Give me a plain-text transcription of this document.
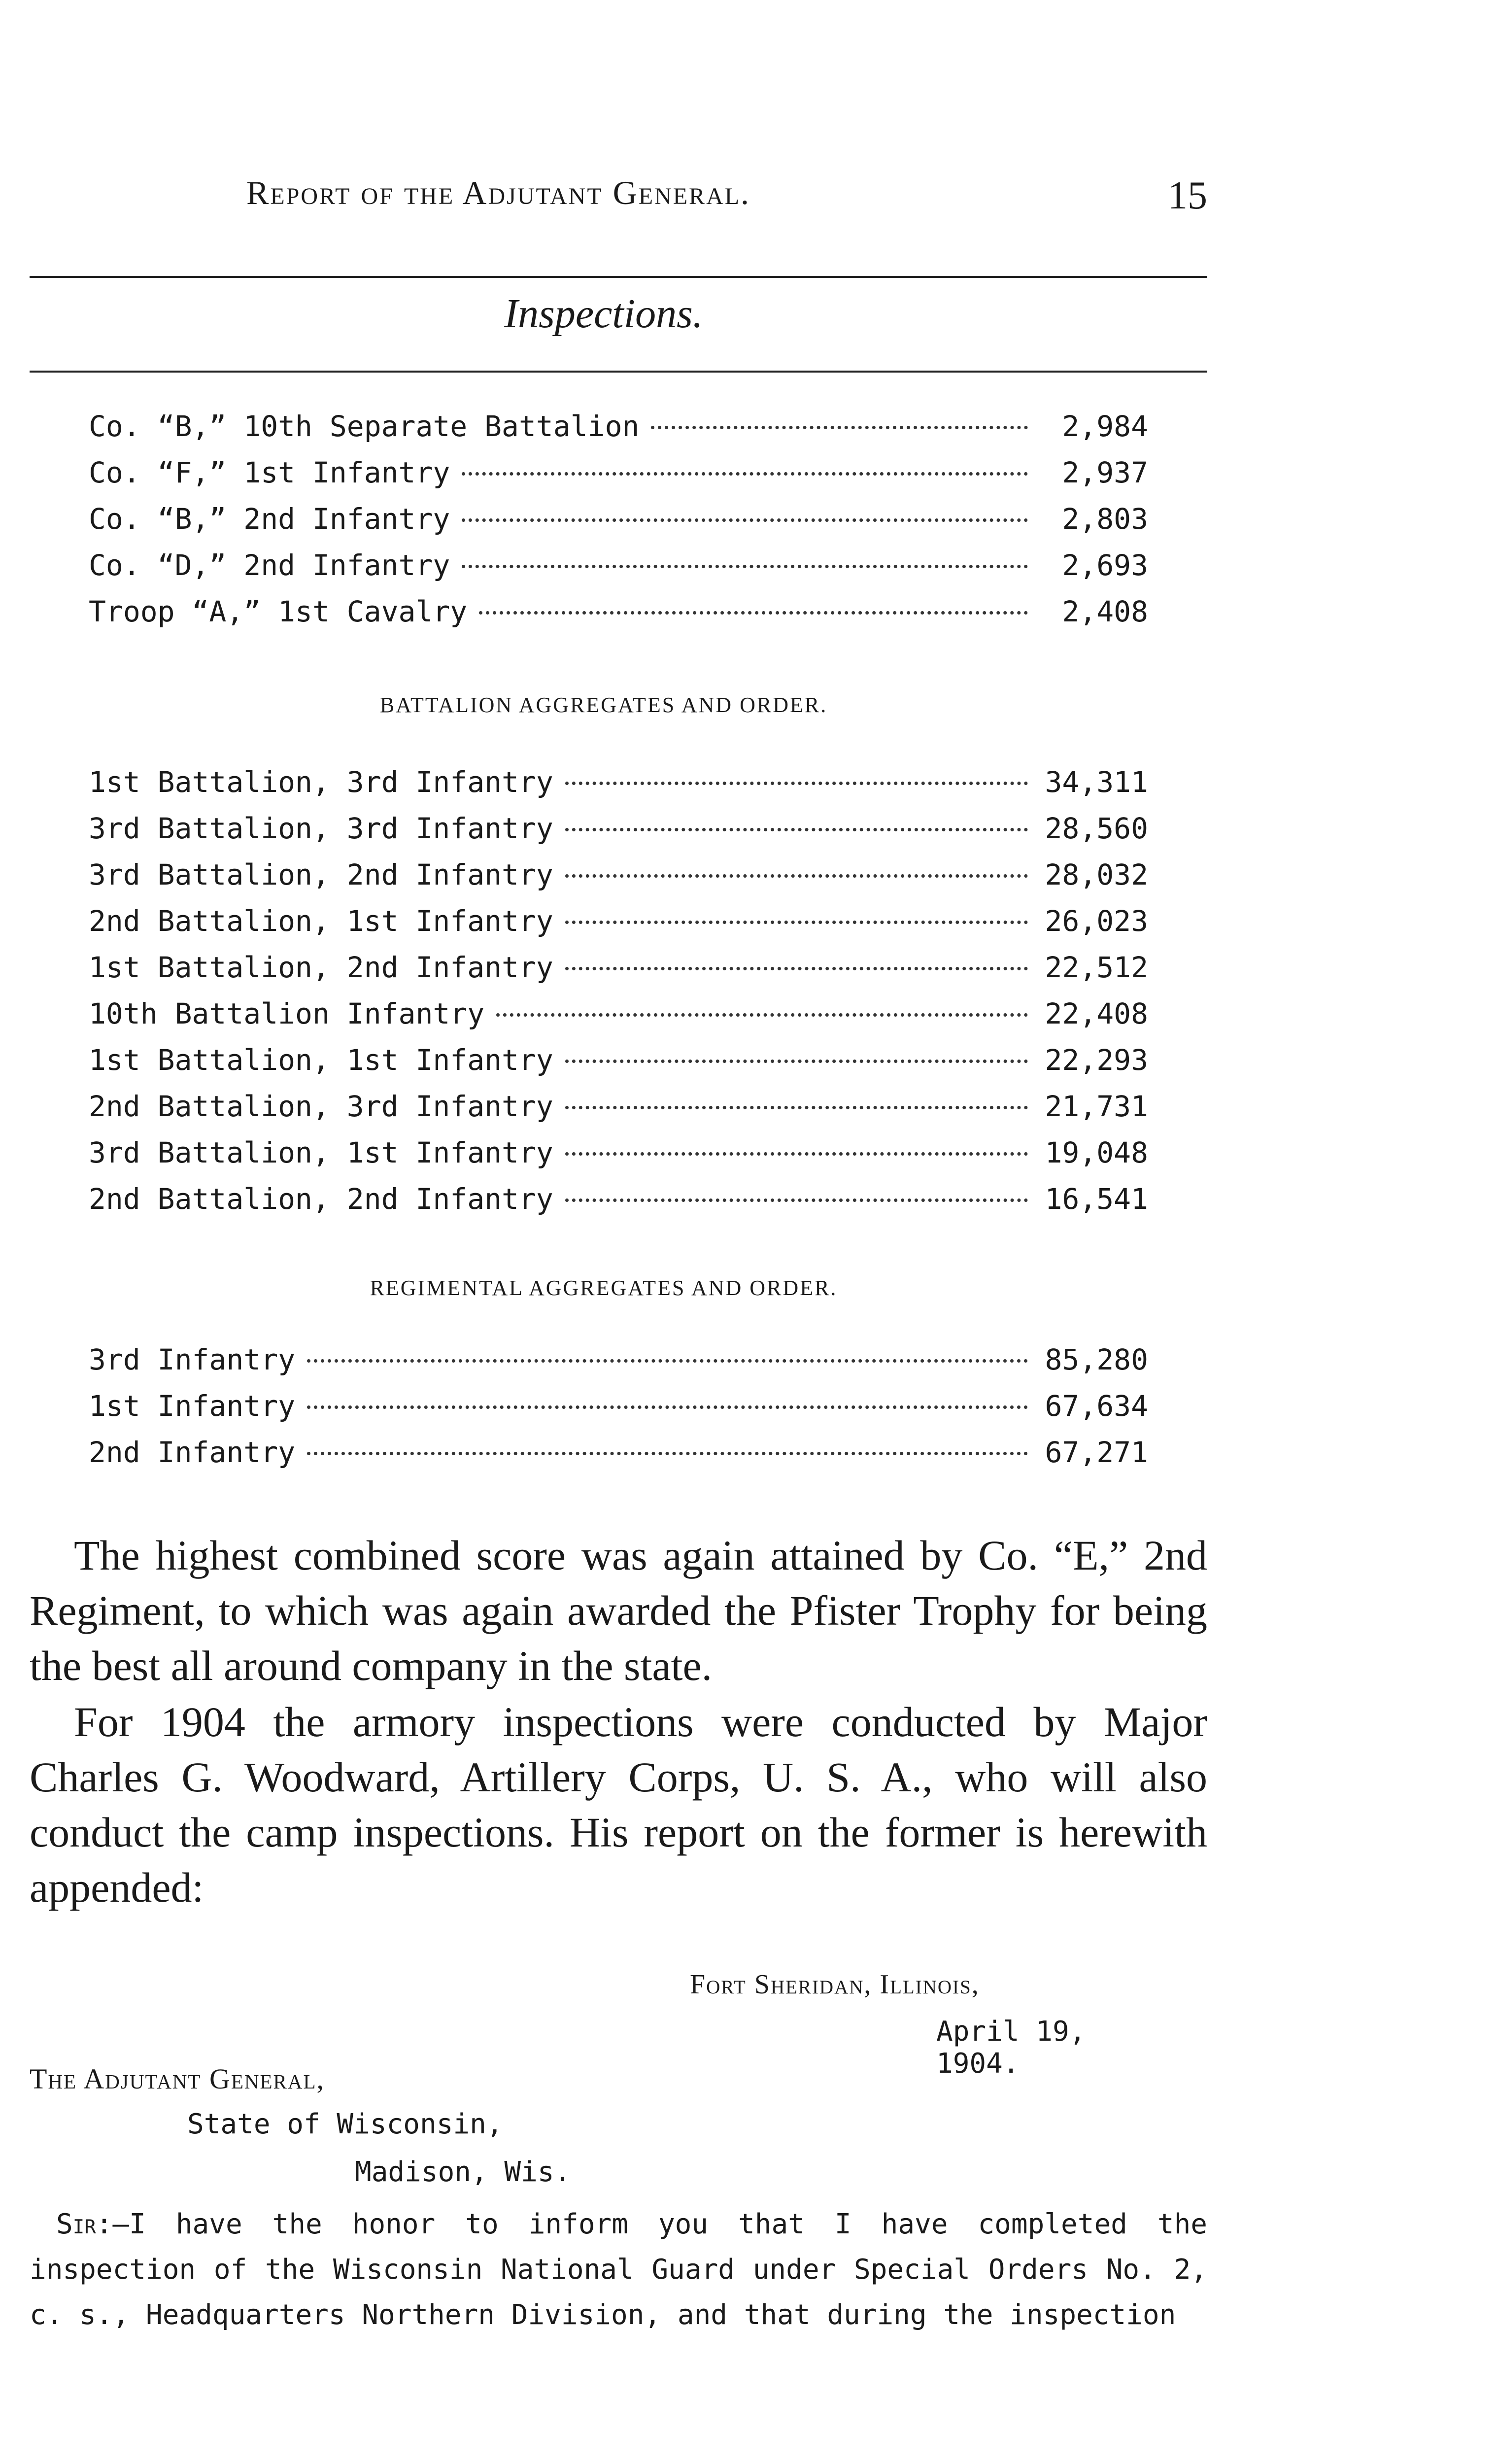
Report of the Adjutant General.	15
Inspections.
Co. “B,” 10th Separate Battalion	2,984
Co. “F,” 1st Infantry	2,937
Co. “B,” 2nd Infantry	2,803
Co. “D,” 2nd Infantry	2,693
Troop “A,” 1st Cavalry	2,408
BATTALION AGGREGATES AND ORDER.
1st Battalion, 3rd Infantry	34,311
3rd Battalion, 3rd Infantry	28,560
3rd Battalion, 2nd Infantry	28,032
2nd Battalion, 1st Infantry	26,023
1st Battalion, 2nd Infantry	22,512
10th Battalion Infantry	22,408
1st Battalion, 1st Infantry	22,293
2nd Battalion, 3rd Infantry	21,731
3rd Battalion, 1st Infantry	19,048
2nd Battalion, 2nd Infantry	16,541
REGIMENTAL AGGREGATES AND ORDER.
3rd Infantry	85,280
1st Infantry	67,634
2nd Infantry	67,271

The highest combined score was again attained by Co. “E,” 2nd Regiment, to which was again awarded the Pfister Trophy for being the best all around company in the state.

For 1904 the armory inspections were conducted by Major Charles G. Woodward, Artillery Corps, U. S. A., who will also conduct the camp inspections. His report on the former is herewith appended:

Fort Sheridan, Illinois,
April 19, 1904.
The Adjutant General,
State of Wisconsin,
Madison, Wis.

Sir:—I have the honor to inform you that I have completed the inspection of the Wisconsin National Guard under Special Orders No. 2, c. s., Headquarters Northern Division, and that during the inspection
